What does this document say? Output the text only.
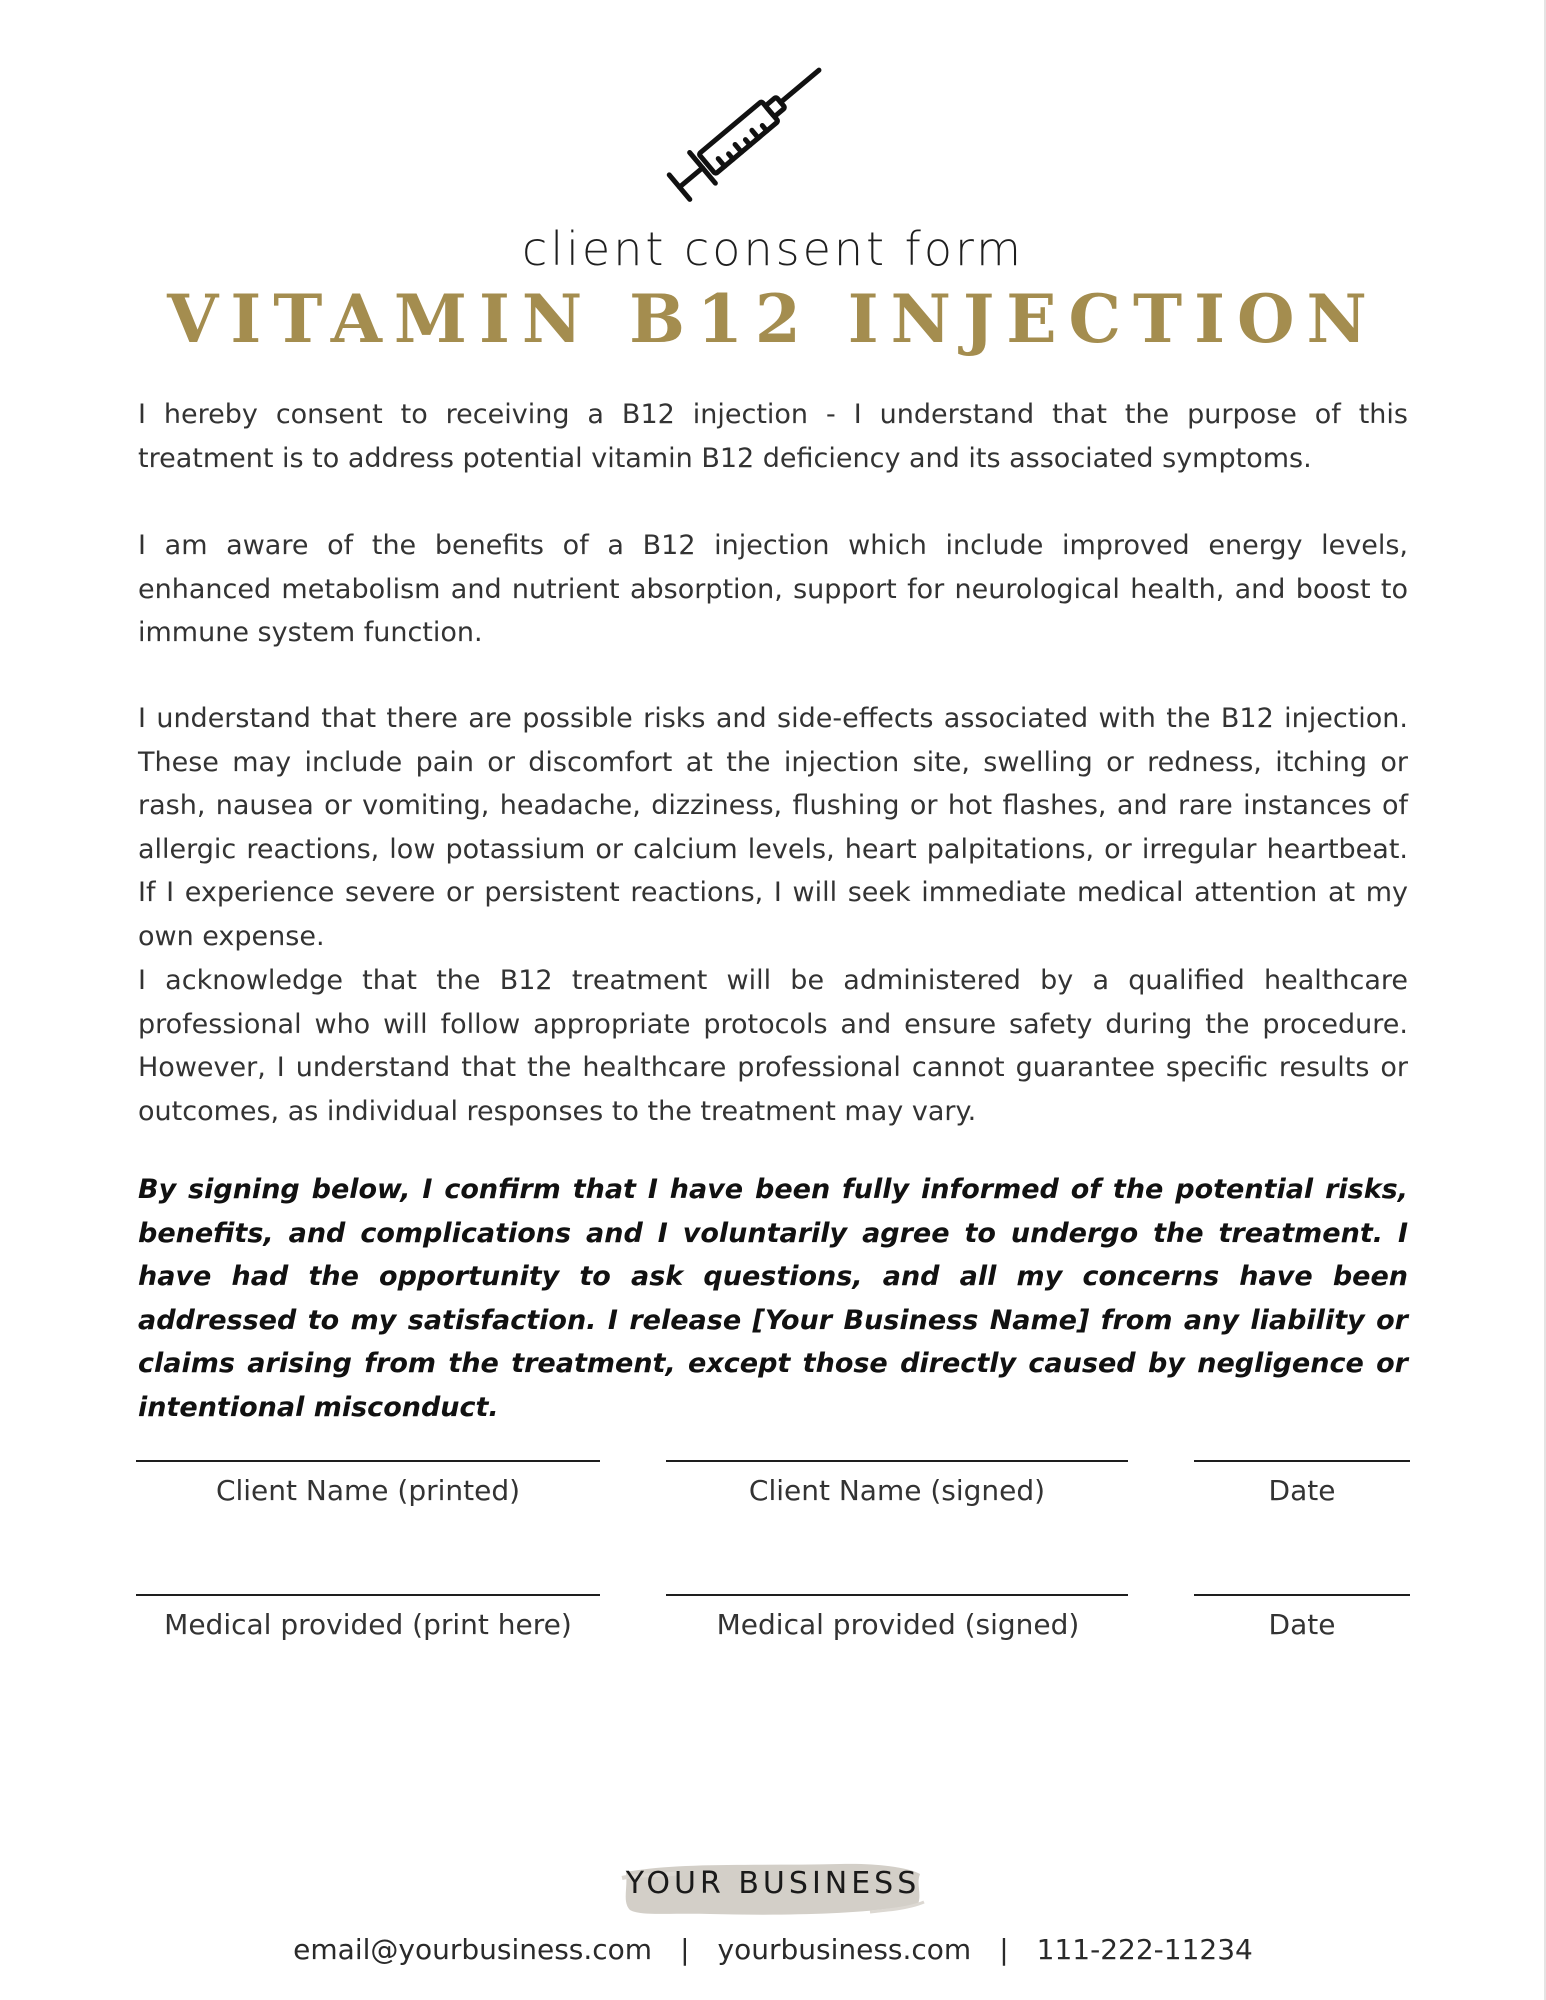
client consent form
VITAMIN B12 INJECTION

I hereby consent to receiving a B12 injection - I understand that the purpose of this treatment is to address potential vitamin B12 deficiency and its associated symptoms.

I am aware of the benefits of a B12 injection which include improved energy levels, enhanced metabolism and nutrient absorption, support for neurological health, and boost to immune system function.

I understand that there are possible risks and side-effects associated with the B12 injection. These may include pain or discomfort at the injection site, swelling or redness, itching or rash, nausea or vomiting, headache, dizziness, flushing or hot flashes, and rare instances of allergic reactions, low potassium or calcium levels, heart palpitations, or irregular heartbeat. If I experience severe or persistent reactions, I will seek immediate medical attention at my own expense.

I acknowledge that the B12 treatment will be administered by a qualified healthcare professional who will follow appropriate protocols and ensure safety during the procedure. However, I understand that the healthcare professional cannot guarantee specific results or outcomes, as individual responses to the treatment may vary.

By signing below, I confirm that I have been fully informed of the potential risks, benefits, and complications and I voluntarily agree to undergo the treatment. I have had the opportunity to ask questions, and all my concerns have been addressed to my satisfaction. I release [Your Business Name] from any liability or claims arising from the treatment, except those directly caused by negligence or intentional misconduct.

Client Name (printed)	Client Name (signed)	Date
Medical provided (print here)	Medical provided (signed)	Date
YOUR BUSINESS
email@yourbusiness.com | yourbusiness.com | 111-222-11234
